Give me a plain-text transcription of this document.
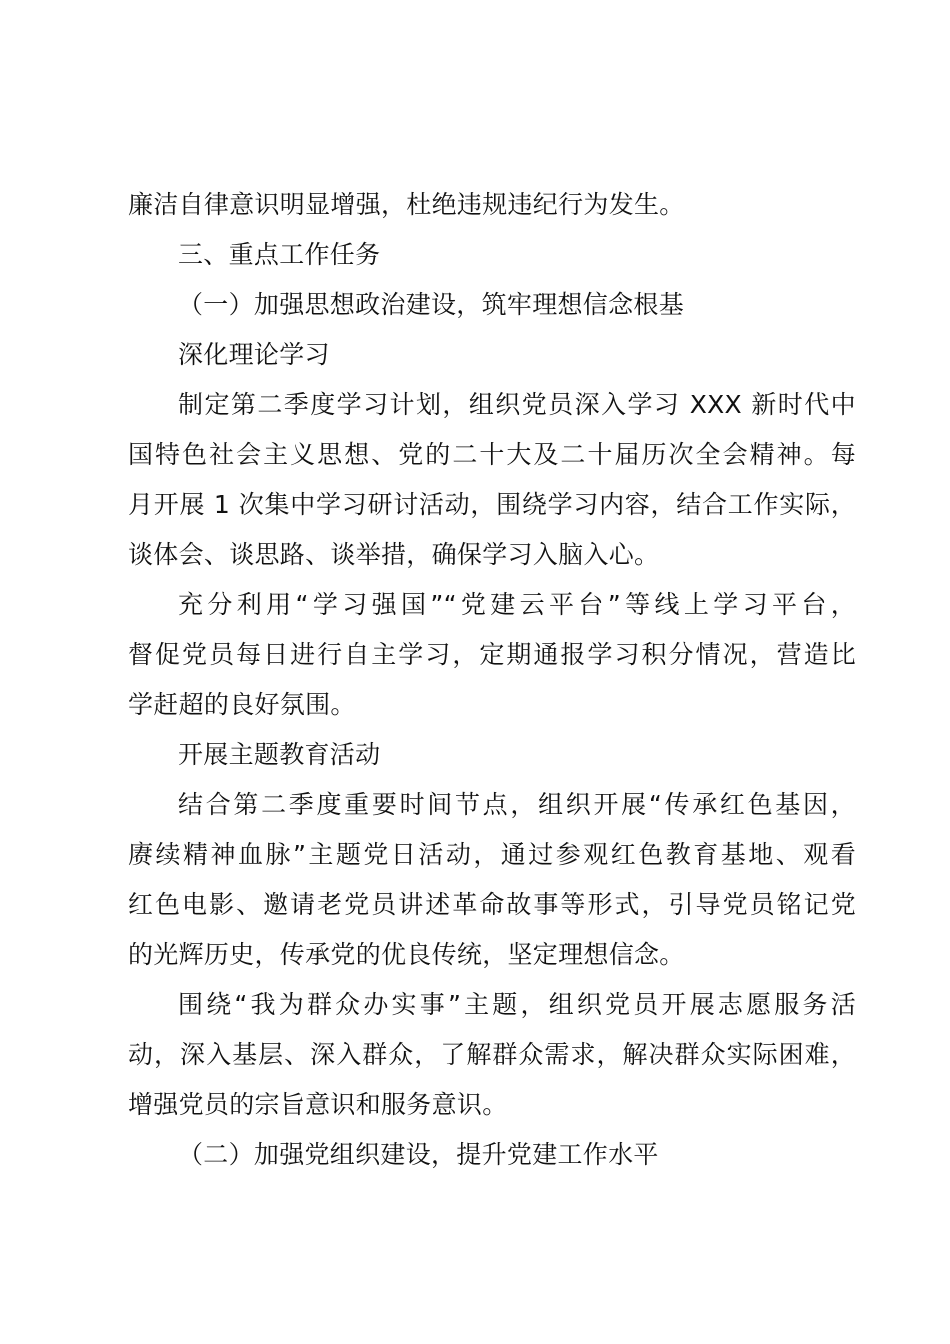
廉洁自律意识明显增强，杜绝违规违纪行为发生。
三、重点工作任务
（一）加强思想政治建设，筑牢理想信念根基
深化理论学习
制定第二季度学习计划，组织党员深入学习 XXX 新时代中
国特色社会主义思想、党的二十大及二十届历次全会精神。每
月开展 1 次集中学习研讨活动，围绕学习内容，结合工作实际，
谈体会、谈思路、谈举措，确保学习入脑入心。
充分利用“学习强国”“党建云平台”等线上学习平台，
督促党员每日进行自主学习，定期通报学习积分情况，营造比
学赶超的良好氛围。
开展主题教育活动
结合第二季度重要时间节点，组织开展“传承红色基因，
赓续精神血脉”主题党日活动，通过参观红色教育基地、观看
红色电影、邀请老党员讲述革命故事等形式，引导党员铭记党
的光辉历史，传承党的优良传统，坚定理想信念。
围绕“我为群众办实事”主题，组织党员开展志愿服务活
动，深入基层、深入群众，了解群众需求，解决群众实际困难，
增强党员的宗旨意识和服务意识。
（二）加强党组织建设，提升党建工作水平
